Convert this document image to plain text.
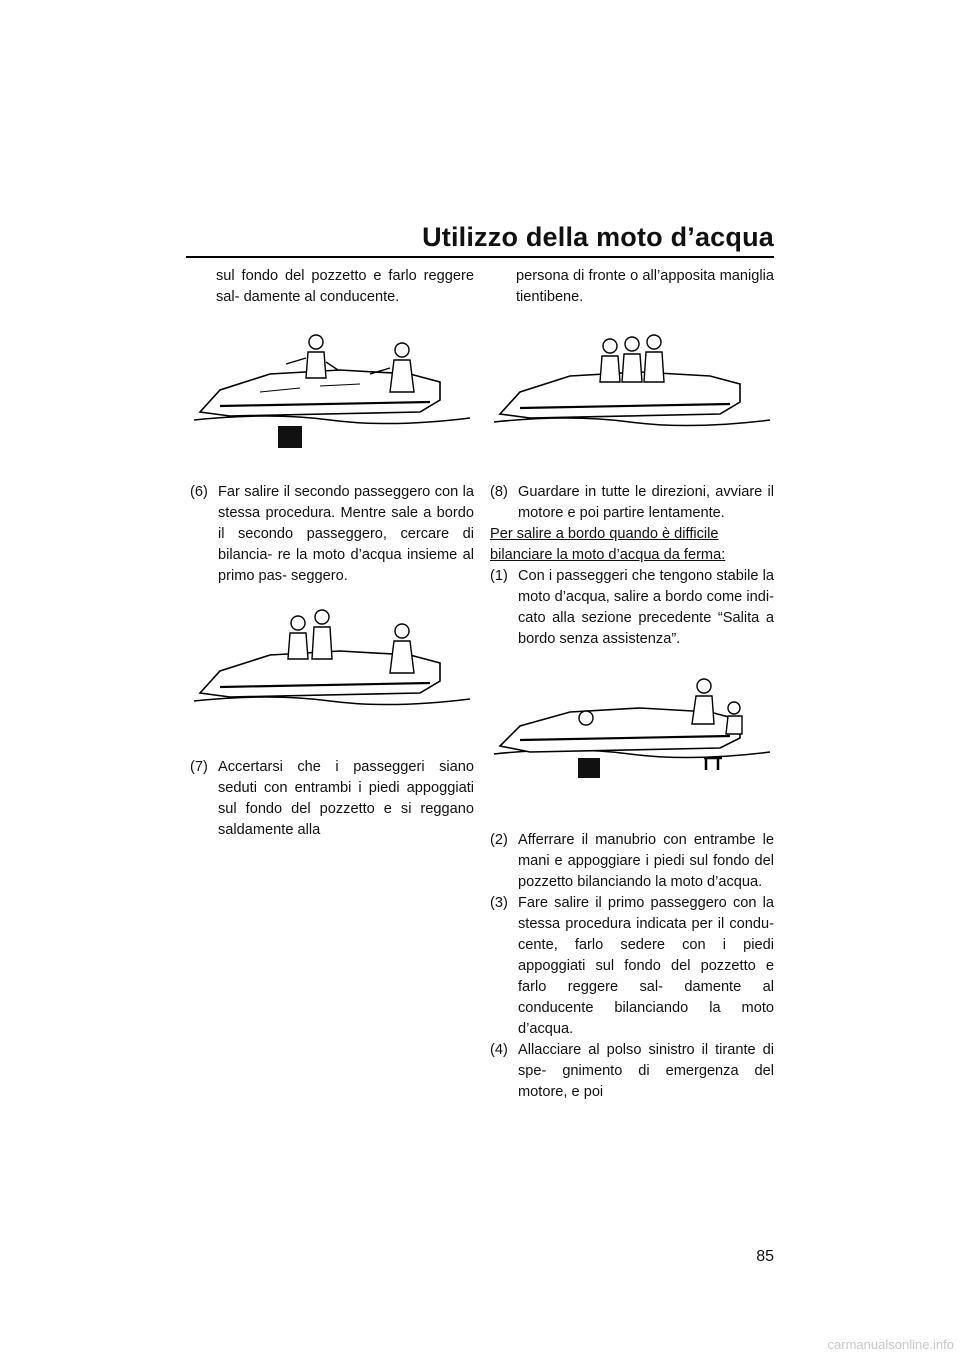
Utilizzo della moto d’acqua

sul fondo del pozzetto e farlo reggere sal- damente al conducente.

(6) Far salire il secondo passeggero con la stessa procedura. Mentre sale a bordo il secondo passeggero, cercare di bilancia- re la moto d’acqua insieme al primo pas- seggero.
(7) Accertarsi che i passeggeri siano seduti con entrambi i piedi appoggiati sul fondo del pozzetto e si reggano saldamente alla

persona di fronte o all’apposita maniglia tientibene.

(8) Guardare in tutte le direzioni, avviare il motore e poi partire lentamente.

Per salire a bordo quando è difficile bilanciare la moto d’acqua da ferma:

(1) Con i passeggeri che tengono stabile la moto d’acqua, salire a bordo come indi- cato alla sezione precedente “Salita a bordo senza assistenza”.
(2) Afferrare il manubrio con entrambe le mani e appoggiare i piedi sul fondo del pozzetto bilanciando la moto d’acqua.
(3) Fare salire il primo passeggero con la stessa procedura indicata per il condu- cente, farlo sedere con i piedi appoggiati sul fondo del pozzetto e farlo reggere sal- damente al conducente bilanciando la moto d’acqua.
(4) Allacciare al polso sinistro il tirante di spe- gnimento di emergenza del motore, e poi
85
carmanualsonline.info
